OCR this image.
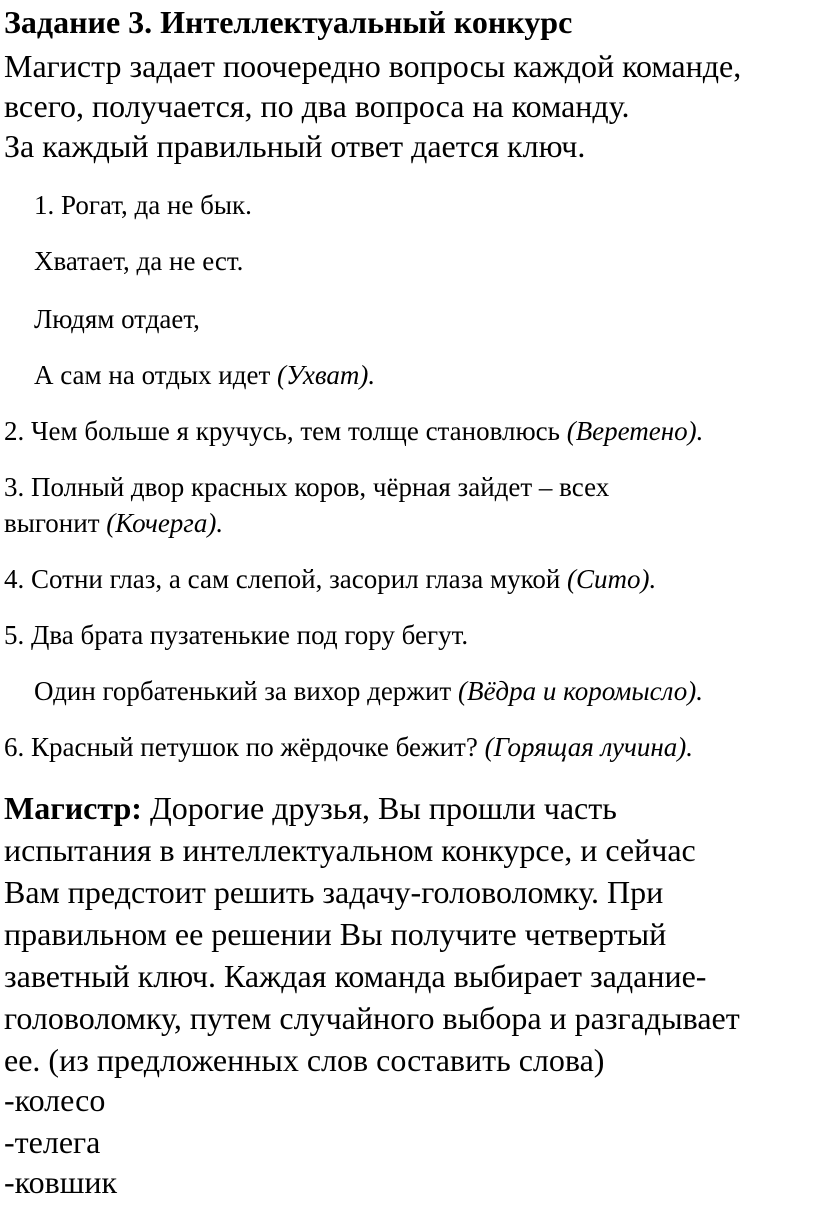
Задание 3. Интеллектуальный конкурс
Магистр задает поочередно вопросы каждой команде,
всего, получается, по два вопроса на команду.
За каждый правильный ответ дается ключ.
1. Рогат, да не бык.
Хватает, да не ест.
Людям отдает,
А сам на отдых идет (Ухват).
2. Чем больше я кручусь, тем толще становлюсь (Веретено).
3. Полный двор красных коров, чёрная зайдет – всех
выгонит (Кочерга).
4. Сотни глаз, а сам слепой, засорил глаза мукой (Сито).
5. Два брата пузатенькие под гору бегут.
Один горбатенький за вихор держит (Вёдра и коромысло).
6. Красный петушок по жёрдочке бежит? (Горящая лучина).
Магистр: Дорогие друзья, Вы прошли часть
испытания в интеллектуальном конкурсе, и сейчас
Вам предстоит решить задачу-головоломку. При
правильном ее решении Вы получите четвертый
заветный ключ. Каждая команда выбирает задание-
головоломку, путем случайного выбора и разгадывает
ее. (из предложенных слов составить слова)
-колесо
-телега
-ковшик
